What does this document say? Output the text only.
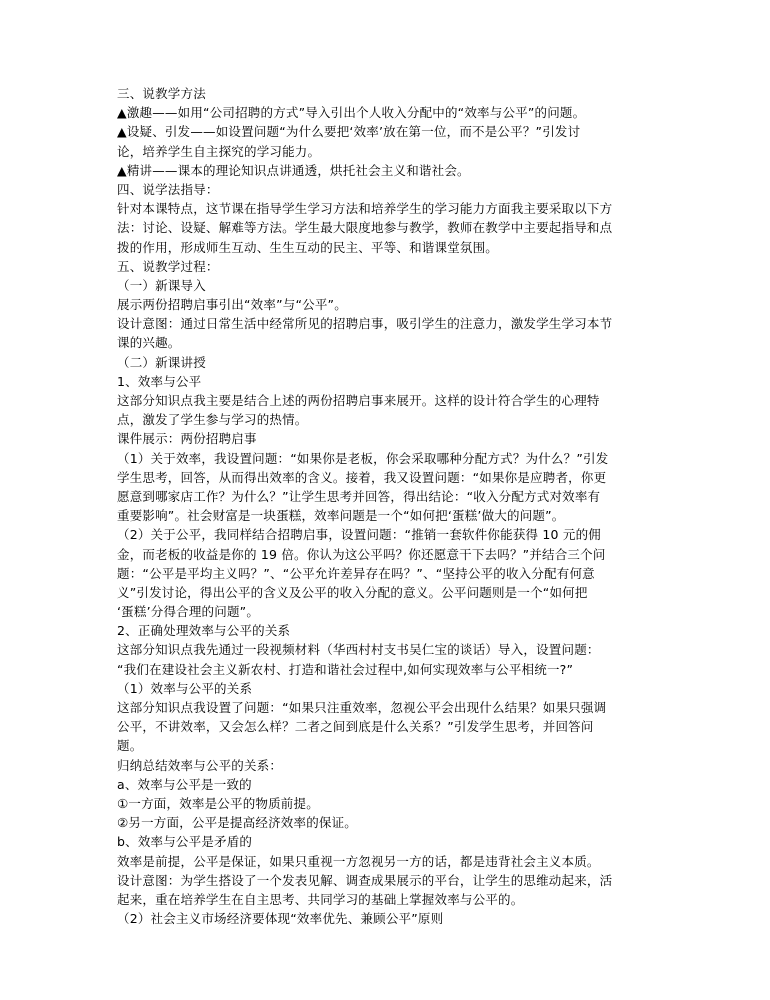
三、说教学方法
▲激趣——如用“公司招聘的方式”导入引出个人收入分配中的“效率与公平”的问题。
▲设疑、引发——如设置问题“为什么要把‘效率’放在第一位，而不是公平？”引发讨
论，培养学生自主探究的学习能力。
▲精讲——课本的理论知识点讲通透，烘托社会主义和谐社会。
四、说学法指导：
针对本课特点，这节课在指导学生学习方法和培养学生的学习能力方面我主要采取以下方
法：讨论、设疑、解难等方法。学生最大限度地参与教学，教师在教学中主要起指导和点
拨的作用，形成师生互动、生生互动的民主、平等、和谐课堂氛围。
五、说教学过程：
（一）新课导入
展示两份招聘启事引出“效率”与“公平”。
设计意图：通过日常生活中经常所见的招聘启事，吸引学生的注意力，激发学生学习本节
课的兴趣。
（二）新课讲授
1、效率与公平
这部分知识点我主要是结合上述的两份招聘启事来展开。这样的设计符合学生的心理特
点，激发了学生参与学习的热情。
课件展示：两份招聘启事
（1）关于效率，我设置问题：“如果你是老板，你会采取哪种分配方式？为什么？”引发
学生思考，回答，从而得出效率的含义。接着，我又设置问题：“如果你是应聘者，你更
愿意到哪家店工作？为什么？”让学生思考并回答，得出结论：“收入分配方式对效率有
重要影响”。社会财富是一块蛋糕，效率问题是一个“如何把‘蛋糕’做大的问题”。
（2）关于公平，我同样结合招聘启事，设置问题：“推销一套软件你能获得 10 元的佣
金，而老板的收益是你的 19 倍。你认为这公平吗？你还愿意干下去吗？”并结合三个问
题：“公平是平均主义吗？”、“公平允许差异存在吗？”、“坚持公平的收入分配有何意
义”引发讨论，得出公平的含义及公平的收入分配的意义。公平问题则是一个“如何把
‘蛋糕’分得合理的问题”。
2、正确处理效率与公平的关系
这部分知识点我先通过一段视频材料（华西村村支书吴仁宝的谈话）导入，设置问题：
“我们在建设社会主义新农村、打造和谐社会过程中,如何实现效率与公平相统一?”
（1）效率与公平的关系
这部分知识点我设置了问题：“如果只注重效率，忽视公平会出现什么结果？如果只强调
公平，不讲效率，又会怎么样？二者之间到底是什么关系？”引发学生思考，并回答问
题。
归纳总结效率与公平的关系：
a、效率与公平是一致的
①一方面，效率是公平的物质前提。
②另一方面，公平是提高经济效率的保证。
b、效率与公平是矛盾的
效率是前提，公平是保证，如果只重视一方忽视另一方的话，都是违背社会主义本质。
设计意图：为学生搭设了一个发表见解、调查成果展示的平台，让学生的思维动起来，活
起来，重在培养学生在自主思考、共同学习的基础上掌握效率与公平的。
（2）社会主义市场经济要体现“效率优先、兼顾公平”原则
